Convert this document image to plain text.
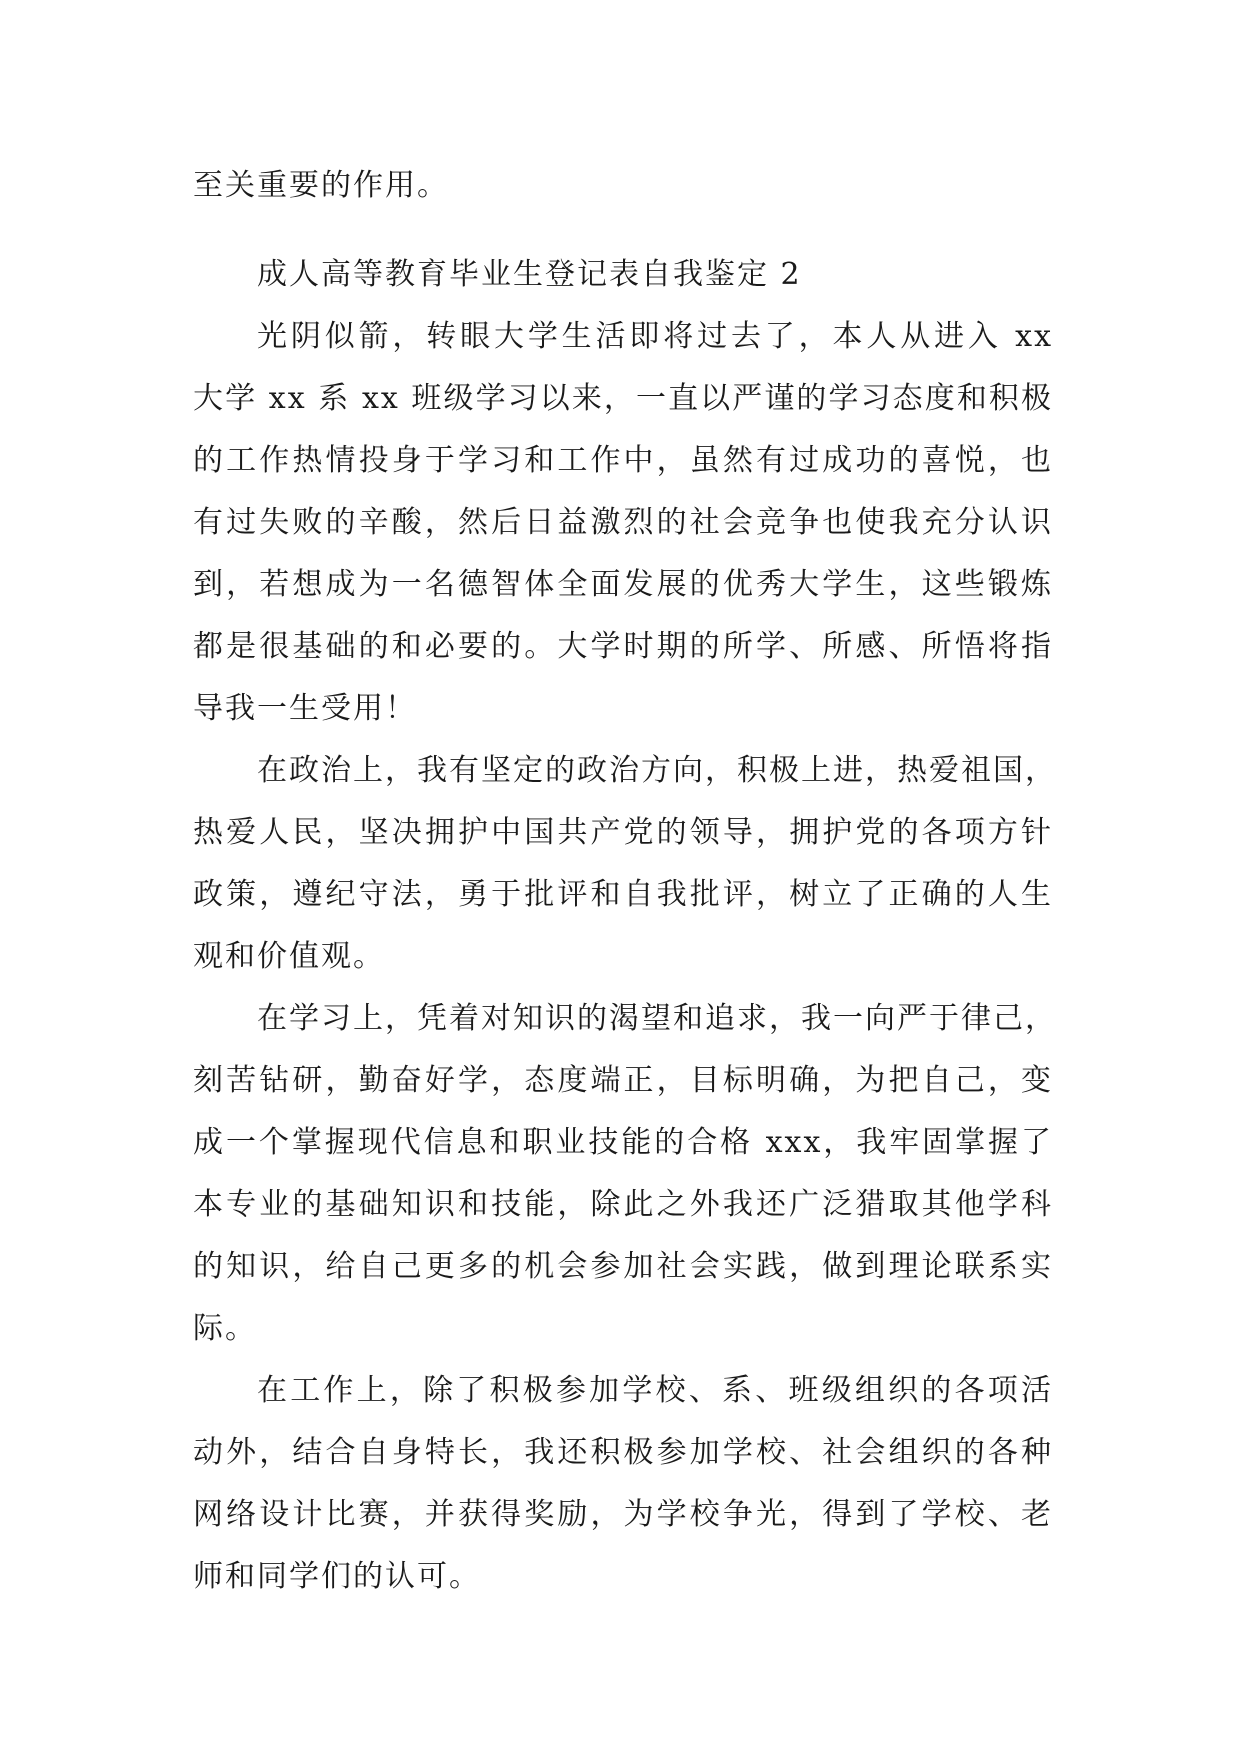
至关重要的作用。
成人高等教育毕业生登记表自我鉴定 2
光阴似箭，转眼大学生活即将过去了，本人从进入 xx
大学 xx 系 xx 班级学习以来，一直以严谨的学习态度和积极
的工作热情投身于学习和工作中，虽然有过成功的喜悦，也
有过失败的辛酸，然后日益激烈的社会竞争也使我充分认识
到，若想成为一名德智体全面发展的优秀大学生，这些锻炼
都是很基础的和必要的。大学时期的所学、所感、所悟将指
导我一生受用！
在政治上，我有坚定的政治方向，积极上进，热爱祖国，
热爱人民，坚决拥护中国共产党的领导，拥护党的各项方针
政策，遵纪守法，勇于批评和自我批评，树立了正确的人生
观和价值观。
在学习上，凭着对知识的渴望和追求，我一向严于律己，
刻苦钻研，勤奋好学，态度端正，目标明确，为把自己，变
成一个掌握现代信息和职业技能的合格 xxx，我牢固掌握了
本专业的基础知识和技能，除此之外我还广泛猎取其他学科
的知识，给自己更多的机会参加社会实践，做到理论联系实
际。
在工作上，除了积极参加学校、系、班级组织的各项活
动外，结合自身特长，我还积极参加学校、社会组织的各种
网络设计比赛，并获得奖励，为学校争光，得到了学校、老
师和同学们的认可。
